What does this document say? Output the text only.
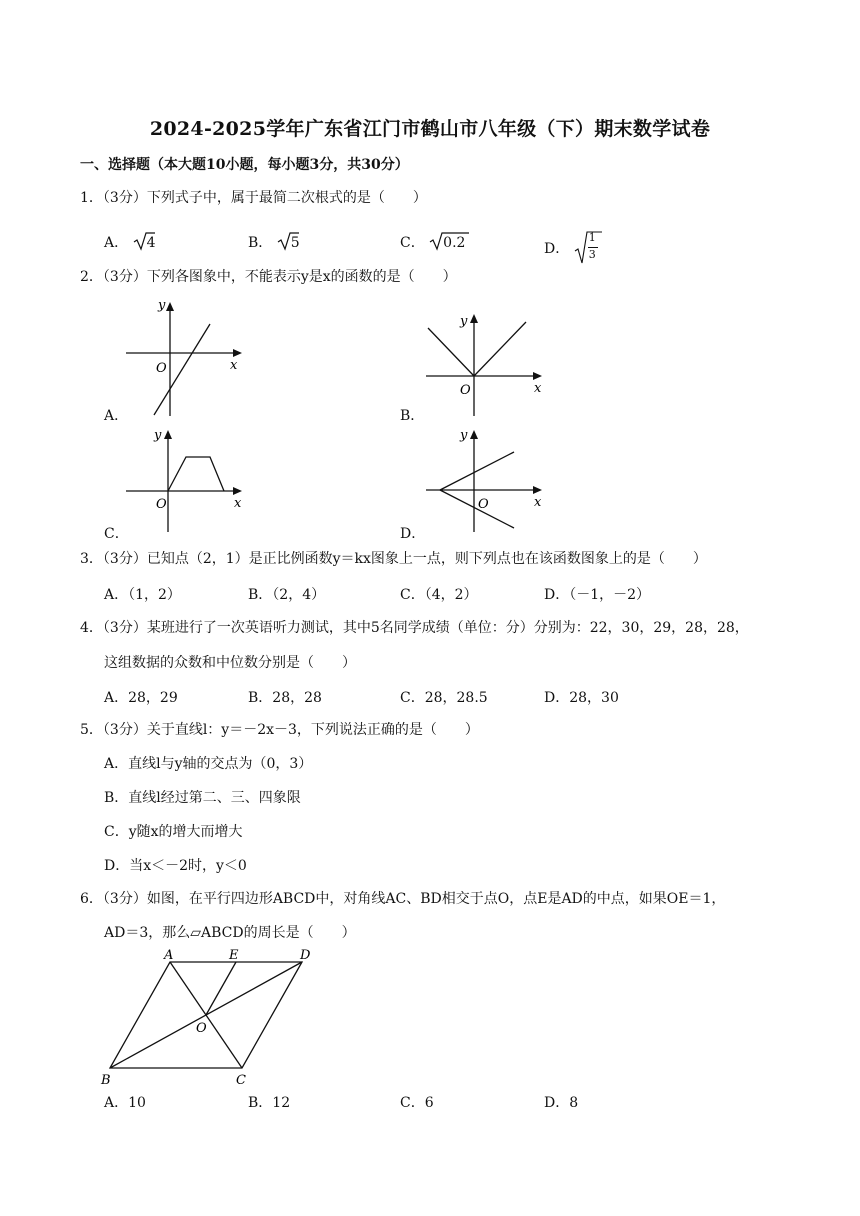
2024-2025学年广东省江门市鹤山市八年级（下）期末数学试卷
一、选择题（本大题10小题，每小题3分，共30分）
1．（3分）下列式子中，属于最简二次根式的是（　　）
A． 4	B． 5	C． 0.2	D． $\frac{1}{3}$
2．（3分）下列各图象中，不能表示y是x的函数的是（　　）
y
x
O
A．
y
x
O
B．
y
x
O
C．
y
x
O
D．
3．（3分）已知点（2，1）是正比例函数y＝kx图象上一点，则下列点也在该函数图象上的是（　　）
A．（1，2）	B．（2，4）	C．（4，2）	D．（－1，－2）
4．（3分）某班进行了一次英语听力测试，其中5名同学成绩（单位：分）分别为：22，30，29，28，28，
这组数据的众数和中位数分别是（　　）
A．28，29	B．28，28	C．28，28.5	D．28，30
5．（3分）关于直线l：y＝－2x－3，下列说法正确的是（　　）
A．直线l与y轴的交点为（0，3）
B．直线l经过第二、三、四象限
C．y随x的增大而增大
D．当x＜－2时，y＜0
6．（3分）如图，在平行四边形ABCD中，对角线AC、BD相交于点O，点E是AD的中点，如果OE＝1，
AD＝3，那么▱ABCD的周长是（　　）
A	E	D
O
B	C
A．10	B．12	C．6	D．8
